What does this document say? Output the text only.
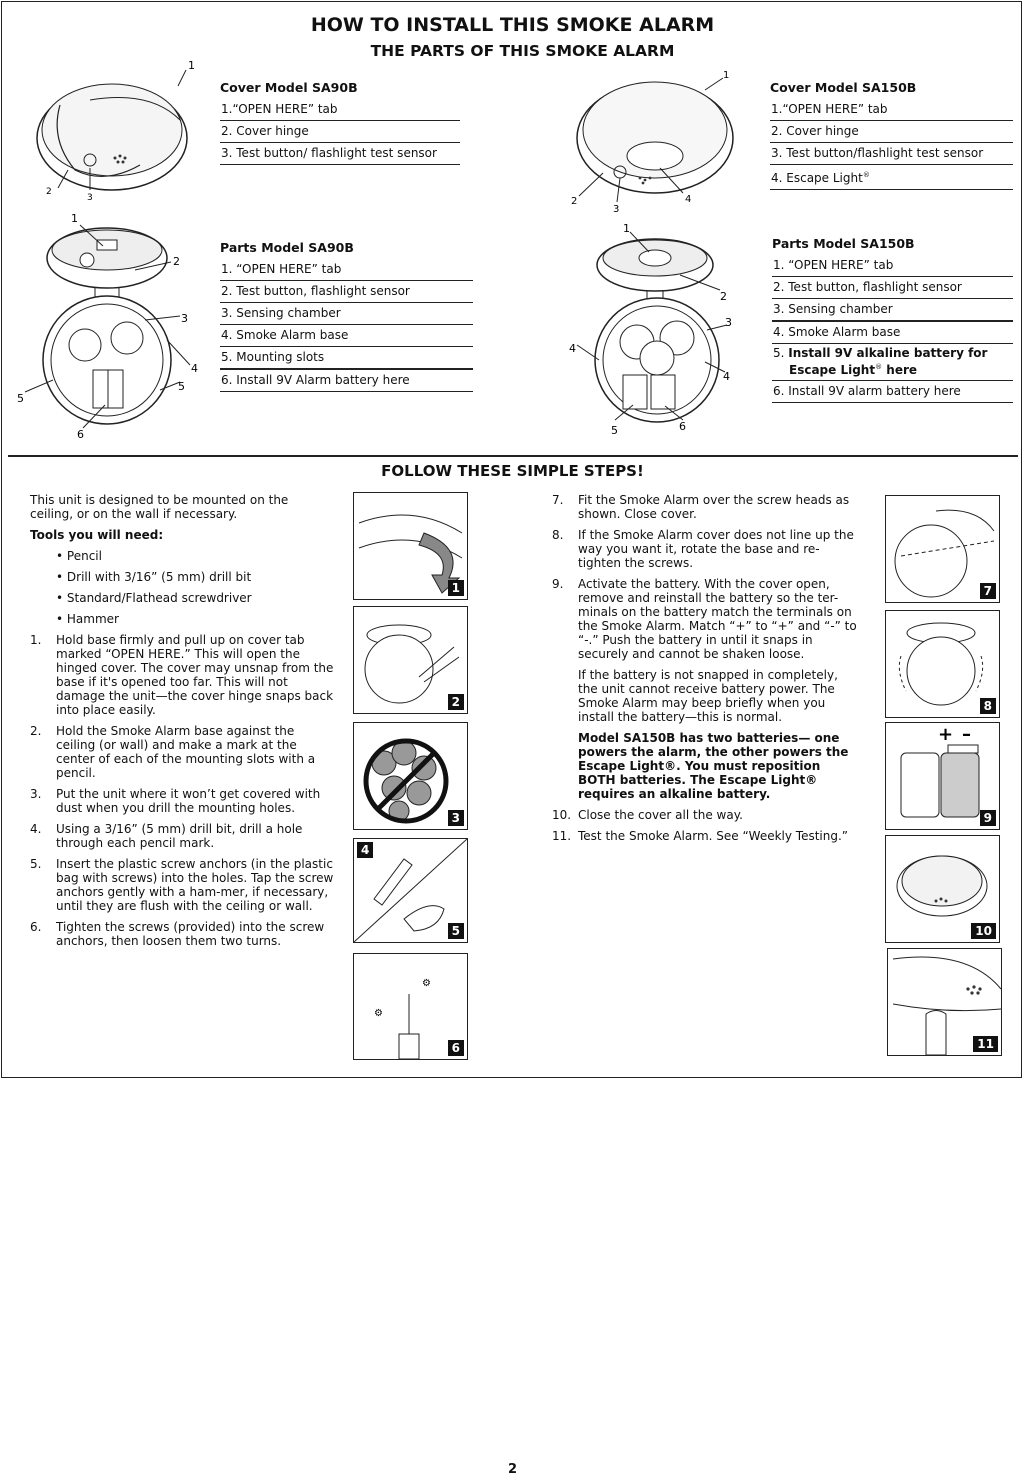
HOW TO INSTALL THIS SMOKE ALARM
THE PARTS OF THIS SMOKE ALARM
1
2
3
Cover Model SA90B
1.“OPEN HERE” tab
2. Cover hinge
3. Test button/ flashlight test sensor
1
2
3
4
Cover Model SA150B
1.“OPEN HERE” tab
2. Cover hinge
3. Test button/flashlight test sensor
4. Escape Light®
1
2
3
4
5
5
6
Parts Model SA90B
1. “OPEN HERE” tab
2. Test button, flashlight sensor
3. Sensing chamber
4. Smoke Alarm base
5. Mounting slots
6. Install 9V Alarm battery here
1
2
3
4
4
5	6
Parts Model SA150B
1. “OPEN HERE” tab
2. Test button, flashlight sensor
3. Sensing chamber
4. Smoke Alarm base
5. Install 9V alkaline battery for
Escape Light® here
6. Install 9V alarm battery here
FOLLOW THESE SIMPLE STEPS!

This unit is designed to be mounted on the ceiling, or on the wall if necessary.

Tools you will need:

• Pencil
• Drill with 3/16” (5 mm) drill bit
• Standard/Flathead screwdriver
• Hammer
1. Hold base firmly and pull up on cover tab marked “OPEN HERE.” This will open the hinged cover. The cover may unsnap from the base if it's opened too far. This will not damage the unit—the cover hinge snaps back into place easily.
2. Hold the Smoke Alarm base against the ceiling (or wall) and make a mark at the center of each of the mounting slots with a pencil.
3. Put the unit where it won’t get covered with dust when you drill the mounting holes.
4. Using a 3/16” (5 mm) drill bit, drill a hole through each pencil mark.
5. Insert the plastic screw anchors (in the plastic bag with screws) into the holes. Tap the screw anchors gently with a ham-mer, if necessary, until they are flush with the ceiling or wall.
6. Tighten the screws (provided) into the screw anchors, then loosen them two turns.
1
2
3
4
5
⚙
⚙
6
7. Fit the Smoke Alarm over the screw heads as shown. Close cover.
8. If the Smoke Alarm cover does not line up the way you want it, rotate the base and re-tighten the screws.
9. Activate the battery. With the cover open, remove and reinstall the battery so the ter-minals on the battery match the terminals on the Smoke Alarm. Match “+” to “+” and “-” to “-.” Push the battery in until it snaps in securely and cannot be shaken loose.

If the battery is not snapped in completely, the unit cannot receive battery power. The Smoke Alarm may beep briefly when you install the battery—this is normal.

Model SA150B has two batteries— one powers the alarm, the other powers the Escape Light®. You must reposition BOTH batteries. The Escape Light® requires an alkaline battery.

10. Close the cover all the way.
11. Test the Smoke Alarm. See “Weekly Testing.”
7
8
+ –
9
10
11
2
